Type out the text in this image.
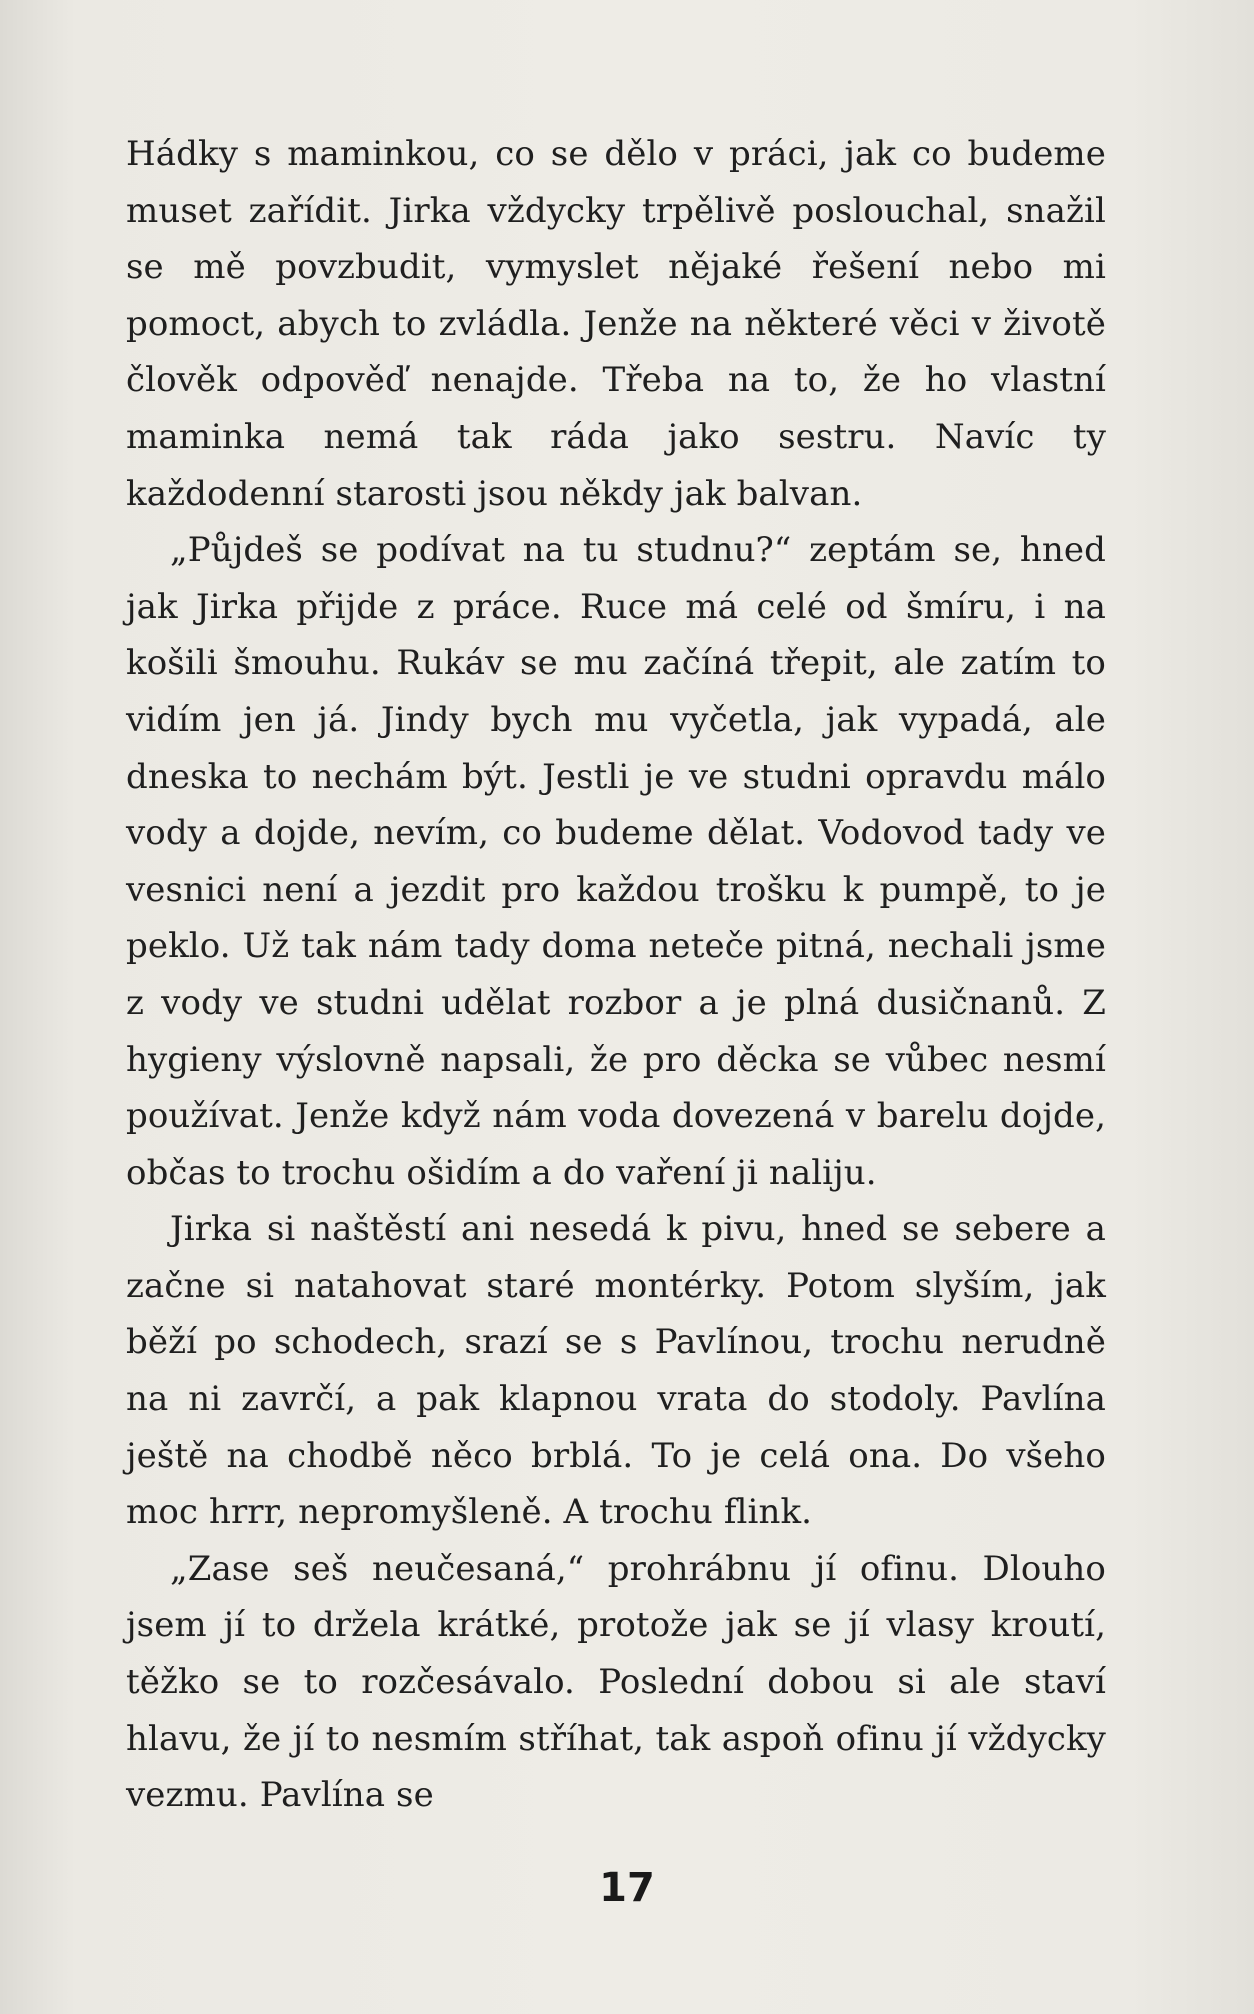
Hádky s maminkou, co se dělo v práci, jak co budeme muset zařídit. Jirka vždycky trpělivě poslouchal, snažil se mě povzbudit, vymyslet nějaké řešení nebo mi pomoct, abych to zvládla. Jenže na některé věci v životě člověk odpověď nenajde. Třeba na to, že ho vlastní maminka nemá tak ráda jako sestru. Navíc ty každodenní starosti jsou někdy jak balvan.

„Půjdeš se podívat na tu studnu?“ zeptám se, hned jak Jirka přijde z práce. Ruce má celé od šmíru, i na košili šmouhu. Rukáv se mu začíná třepit, ale zatím to vidím jen já. Jindy bych mu vyčetla, jak vypadá, ale dneska to nechám být. Jestli je ve studni opravdu málo vody a dojde, nevím, co budeme dělat. Vodovod tady ve vesnici není a jezdit pro každou trošku k pumpě, to je peklo. Už tak nám tady doma neteče pitná, nechali jsme z vody ve studni udělat rozbor a je plná dusičnanů. Z hygieny výslovně napsali, že pro děcka se vůbec nesmí používat. Jenže když nám voda dovezená v barelu dojde, občas to trochu ošidím a do vaření ji naliju.

Jirka si naštěstí ani nesedá k pivu, hned se sebere a začne si natahovat staré montérky. Potom slyším, jak běží po schodech, srazí se s Pavlínou, trochu nerudně na ni zavrčí, a pak klapnou vrata do stodoly. Pavlína ještě na chodbě něco brblá. To je celá ona. Do všeho moc hrrr, nepromyšleně. A trochu flink.

„Zase seš neučesaná,“ prohrábnu jí ofinu. Dlouho jsem jí to držela krátké, protože jak se jí vlasy kroutí, těžko se to rozčesávalo. Poslední dobou si ale staví hlavu, že jí to nesmím stříhat, tak aspoň ofinu jí vždycky vezmu. Pavlína se

17
